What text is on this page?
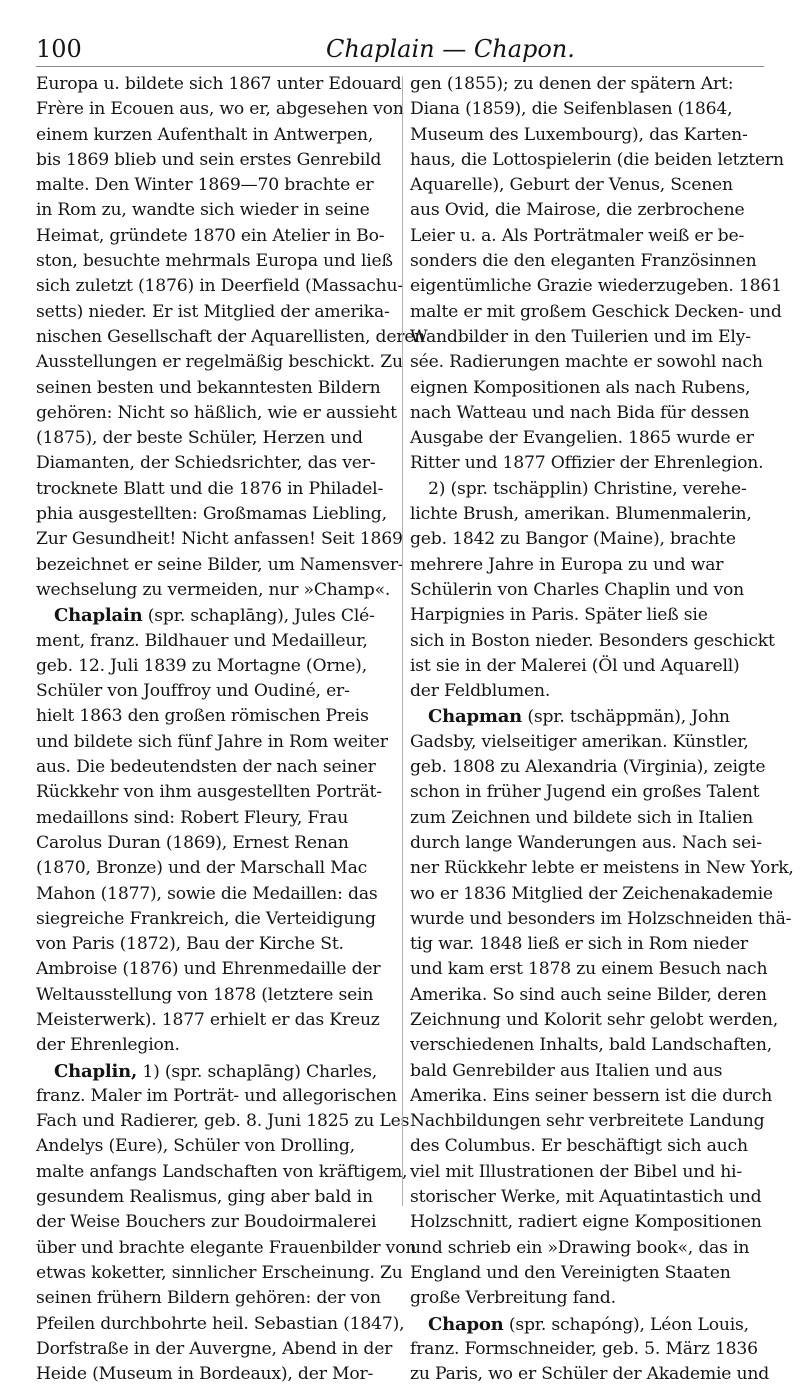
100	Chaplain — Chapon.
Europa u. bildete sich 1867 unter Edouard
Frère in Ecouen aus, wo er, abgesehen von
einem kurzen Aufenthalt in Antwerpen,
bis 1869 blieb und sein erstes Genrebild
malte. Den Winter 1869—70 brachte er
in Rom zu, wandte sich wieder in seine
Heimat, gründete 1870 ein Atelier in Bo-
ston, besuchte mehrmals Europa und ließ
sich zuletzt (1876) in Deerfield (Massachu-
setts) nieder. Er ist Mitglied der amerika-
nischen Gesellschaft der Aquarellisten, deren
Ausstellungen er regelmäßig beschickt. Zu
seinen besten und bekanntesten Bildern
gehören: Nicht so häßlich, wie er aussieht
(1875), der beste Schüler, Herzen und
Diamanten, der Schiedsrichter, das ver-
trocknete Blatt und die 1876 in Philadel-
phia ausgestellten: Großmamas Liebling,
Zur Gesundheit! Nicht anfassen! Seit 1869
bezeichnet er seine Bilder, um Namensver-
wechselung zu vermeiden, nur »Champ«.
Chaplain (spr. schaplāng), Jules Clé-
ment, franz. Bildhauer und Medailleur,
geb. 12. Juli 1839 zu Mortagne (Orne),
Schüler von Jouffroy und Oudiné, er-
hielt 1863 den großen römischen Preis
und bildete sich fünf Jahre in Rom weiter
aus. Die bedeutendsten der nach seiner
Rückkehr von ihm ausgestellten Porträt-
medaillons sind: Robert Fleury, Frau
Carolus Duran (1869), Ernest Renan
(1870, Bronze) und der Marschall Mac
Mahon (1877), sowie die Medaillen: das
siegreiche Frankreich, die Verteidigung
von Paris (1872), Bau der Kirche St.
Ambroise (1876) und Ehrenmedaille der
Weltausstellung von 1878 (letztere sein
Meisterwerk). 1877 erhielt er das Kreuz
der Ehrenlegion.
Chaplin, 1) (spr. schaplāng) Charles,
franz. Maler im Porträt- und allegorischen
Fach und Radierer, geb. 8. Juni 1825 zu Les
Andelys (Eure), Schüler von Drolling,
malte anfangs Landschaften von kräftigem,
gesundem Realismus, ging aber bald in
der Weise Bouchers zur Boudoirmalerei
über und brachte elegante Frauenbilder von
etwas koketter, sinnlicher Erscheinung. Zu
seinen frühern Bildern gehören: der von
Pfeilen durchbohrte heil. Sebastian (1847),
Dorfstraße in der Auvergne, Abend in der
Heide (Museum in Bordeaux), der Mor-
gen (1855); zu denen der spätern Art:
Diana (1859), die Seifenblasen (1864,
Museum des Luxembourg), das Karten-
haus, die Lottospielerin (die beiden letztern
Aquarelle), Geburt der Venus, Scenen
aus Ovid, die Mairose, die zerbrochene
Leier u. a. Als Porträtmaler weiß er be-
sonders die den eleganten Französinnen
eigentümliche Grazie wiederzugeben. 1861
malte er mit großem Geschick Decken- und
Wandbilder in den Tuilerien und im Ely-
sée. Radierungen machte er sowohl nach
eignen Kompositionen als nach Rubens,
nach Watteau und nach Bida für dessen
Ausgabe der Evangelien. 1865 wurde er
Ritter und 1877 Offizier der Ehrenlegion.
2) (spr. tschäpplin) Christine, verehe-
lichte Brush, amerikan. Blumenmalerin,
geb. 1842 zu Bangor (Maine), brachte
mehrere Jahre in Europa zu und war
Schülerin von Charles Chaplin und von
Harpignies in Paris. Später ließ sie
sich in Boston nieder. Besonders geschickt
ist sie in der Malerei (Öl und Aquarell)
der Feldblumen.
Chapman (spr. tschäppmän), John
Gadsby, vielseitiger amerikan. Künstler,
geb. 1808 zu Alexandria (Virginia), zeigte
schon in früher Jugend ein großes Talent
zum Zeichnen und bildete sich in Italien
durch lange Wanderungen aus. Nach sei-
ner Rückkehr lebte er meistens in New York,
wo er 1836 Mitglied der Zeichenakademie
wurde und besonders im Holzschneiden thä-
tig war. 1848 ließ er sich in Rom nieder
und kam erst 1878 zu einem Besuch nach
Amerika. So sind auch seine Bilder, deren
Zeichnung und Kolorit sehr gelobt werden,
verschiedenen Inhalts, bald Landschaften,
bald Genrebilder aus Italien und aus
Amerika. Eins seiner bessern ist die durch
Nachbildungen sehr verbreitete Landung
des Columbus. Er beschäftigt sich auch
viel mit Illustrationen der Bibel und hi-
storischer Werke, mit Aquatintastich und
Holzschnitt, radiert eigne Kompositionen
und schrieb ein »Drawing book«, das in
England und den Vereinigten Staaten
große Verbreitung fand.
Chapon (spr. schapóng), Léon Louis,
franz. Formschneider, geb. 5. März 1836
zu Paris, wo er Schüler der Akademie und
